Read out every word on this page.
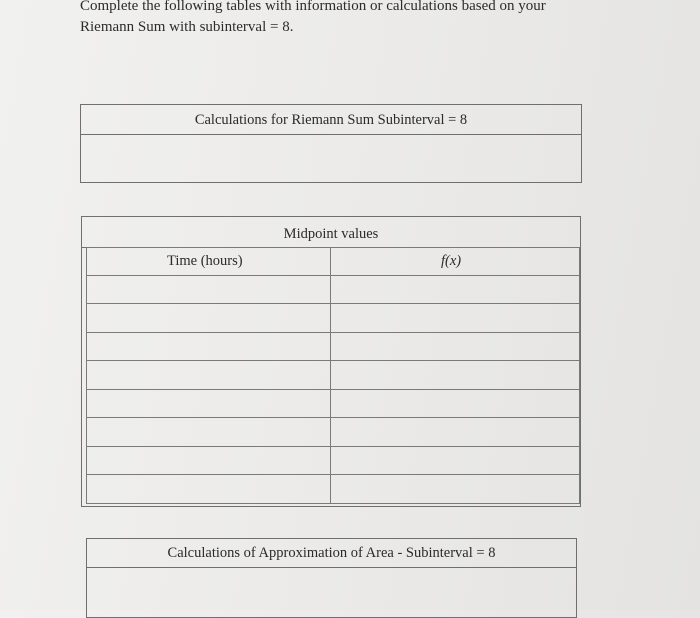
Complete the following tables with information or calculations based on your
Riemann Sum with subinterval = 8.
Calculations for Riemann Sum Subinterval = 8
Midpoint values
Time (hours)	f(x)

Calculations of Approximation of Area - Subinterval = 8
